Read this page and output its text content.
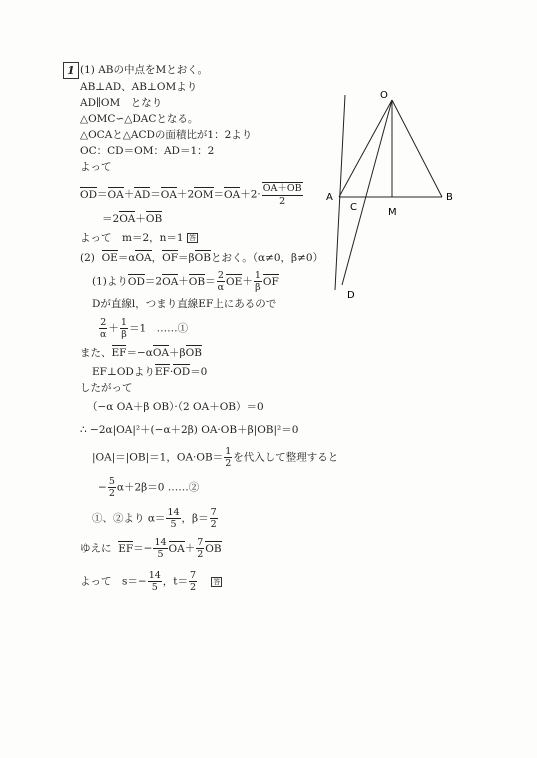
1 (1) ABの中点をMとおく。
AB⊥AD、AB⊥OMより
AD∥OM　となり
△OMC∽△DACとなる。
△OCAと△ACDの面積比が1：2より
OC：CD＝OM：AD＝1：2
よって
$OD=OA+AD=OA+2OM=OA+2\cdot \frac{OA+OB}{2}$
＝2OA＋OB
よって　m＝2，n＝1 答
(2) OE＝αOA，OF＝βOBとおく。（α≠0，β≠0）
(1)より$OD=2OA+OB= \frac{2}{\alpha} OE+ \frac{1}{\beta}$ OF
Dが直線l，つまり直線EF上にあるので
$\frac{2}{\alpha} + \frac{1}{\beta} =1$　……①
また、EF＝−αOA＋βOB
EF⊥ODよりEF·OD＝0
したがって
（−α OA＋β OB）·（2 OA＋OB）＝0
∴ −2α|OA|²＋(−α＋2β) OA·OB＋β|OB|²＝0
|OA|＝|OB|＝1，$OA\cdot OB= \frac{1}{2}$ を代入して整理すると
− $\frac{5}{2} \alpha+2\beta=0$ ……②
①、②より $\alpha= \frac{14}{5}$ ，$\beta= \frac{7}{2}$
ゆえに $EF=- \frac{14}{5} OA+ \frac{7}{2}$ OB
よって　$s=- \frac{14}{5}$ ，$t= \frac{7}{2}$ 答
O
A	B
C	M
D
